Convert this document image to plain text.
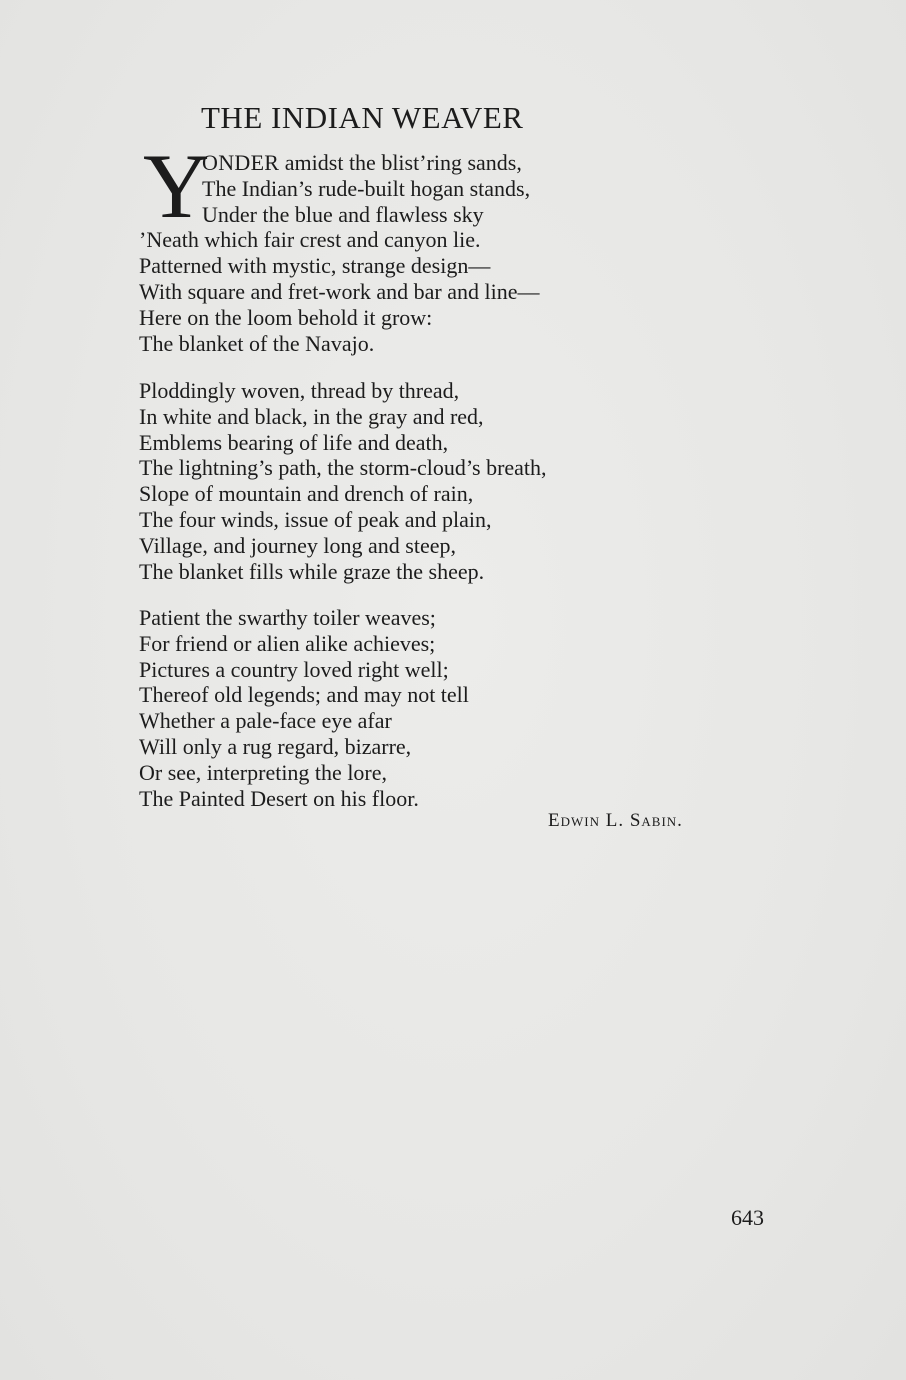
THE INDIAN WEAVER
Y
ONDER amidst the blist’ring sands,
The Indian’s rude-built hogan stands,
Under the blue and flawless sky
’Neath which fair crest and canyon lie.
Patterned with mystic, strange design—
With square and fret-work and bar and line—
Here on the loom behold it grow:
The blanket of the Navajo.
Ploddingly woven, thread by thread,
In white and black, in the gray and red,
Emblems bearing of life and death,
The lightning’s path, the storm-cloud’s breath,
Slope of mountain and drench of rain,
The four winds, issue of peak and plain,
Village, and journey long and steep,
The blanket fills while graze the sheep.
Patient the swarthy toiler weaves;
For friend or alien alike achieves;
Pictures a country loved right well;
Thereof old legends; and may not tell
Whether a pale-face eye afar
Will only a rug regard, bizarre,
Or see, interpreting the lore,
The Painted Desert on his floor.

Edwin L. Sabin.

643
